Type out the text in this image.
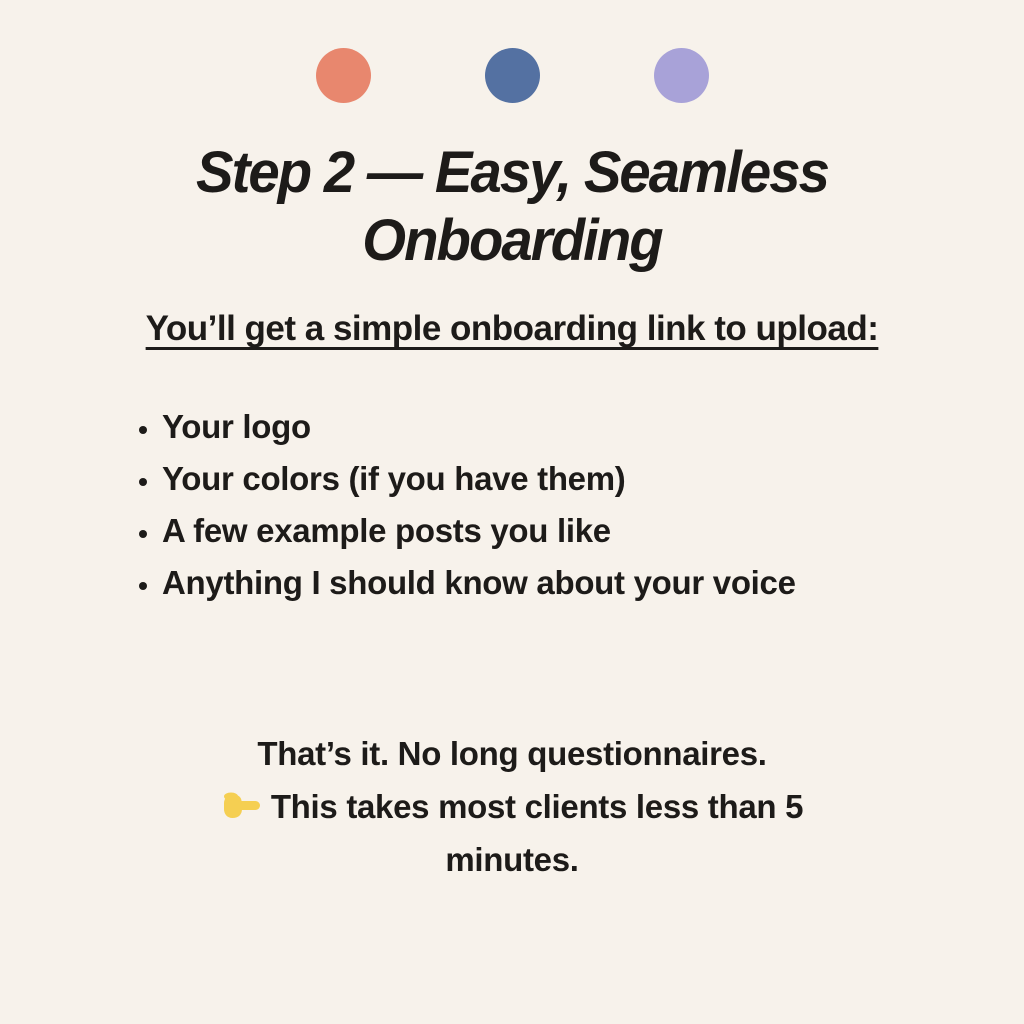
Step 2 — Easy, Seamless Onboarding
You’ll get a simple onboarding link to upload:
• Your logo
• Your colors (if you have them)
• A few example posts you like
• Anything I should know about your voice
That’s it. No long questionnaires.
This takes most clients less than 5 minutes.
